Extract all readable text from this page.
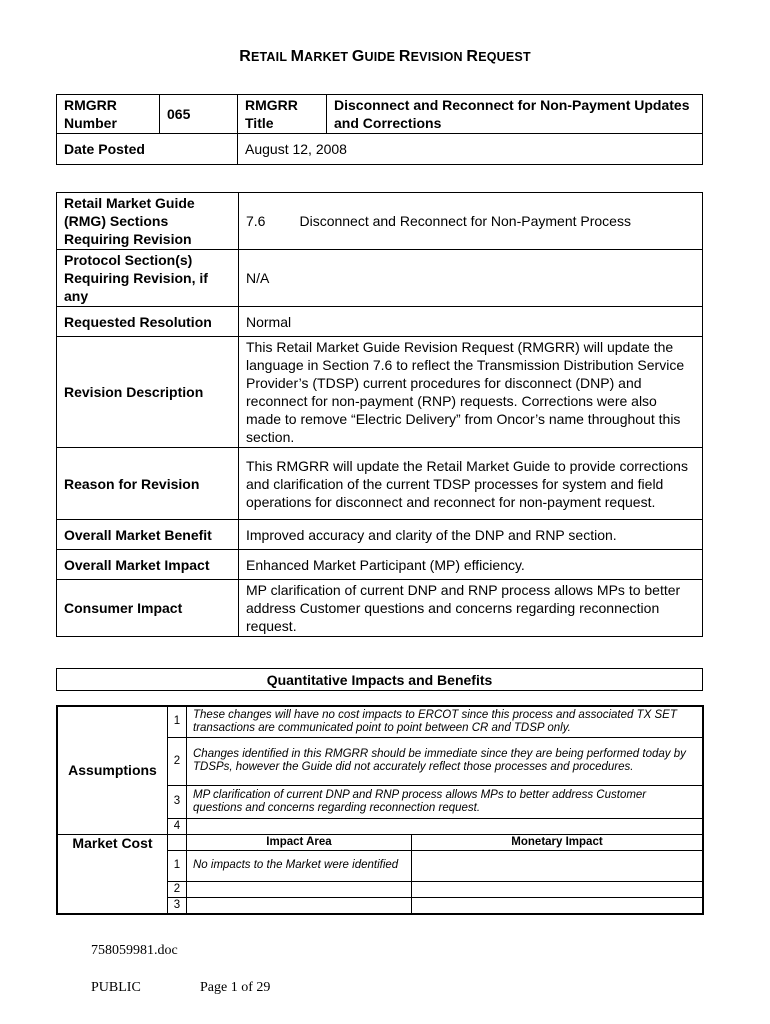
RETAIL MARKET GUIDE REVISION REQUEST
RMGRR Number	065	RMGRR Title	Disconnect and Reconnect for Non-Payment Updates and Corrections
Date Posted		August 12, 2008	
Retail Market Guide (RMG) Sections Requiring Revision	7.6 Disconnect and Reconnect for Non-Payment Process
Protocol Section(s) Requiring Revision, if any	N/A
Requested Resolution	Normal
Revision Description	This Retail Market Guide Revision Request (RMGRR) will update the language in Section 7.6 to reflect the Transmission Distribution Service Provider’s (TDSP) current procedures for disconnect (DNP) and reconnect for non-payment (RNP) requests. Corrections were also made to remove “Electric Delivery” from Oncor’s name throughout this section.
Reason for Revision	This RMGRR will update the Retail Market Guide to provide corrections and clarification of the current TDSP processes for system and field operations for disconnect and reconnect for non-payment request.
Overall Market Benefit	Improved accuracy and clarity of the DNP and RNP section.
Overall Market Impact	Enhanced Market Participant (MP) efficiency.
Consumer Impact	MP clarification of current DNP and RNP process allows MPs to better address Customer questions and concerns regarding reconnection request.
Quantitative Impacts and Benefits
Assumptions	1	These changes will have no cost impacts to ERCOT since this process and associated TX SET transactions are communicated point to point between CR and TDSP only.	
	2	Changes identified in this RMGRR should be immediate since they are being performed today by TDSPs, however the Guide did not accurately reflect those processes and procedures.	
	3	MP clarification of current DNP and RNP process allows MPs to better address Customer questions and concerns regarding reconnection request.	
	4		
Market Cost		Impact Area	Monetary Impact
	1	No impacts to the Market were identified	
	2		
	3		
758059981.doc
PUBLIC	Page 1 of 29
